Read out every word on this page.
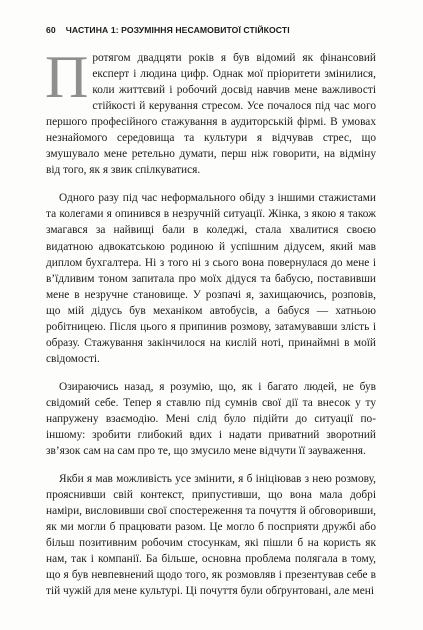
60 ЧАСТИНА 1: РОЗУМІННЯ НЕСАМОВИТОЇ СТІЙКОСТІ

Протягом двадцяти років я був відомий як фінансовий експерт і людина цифр. Однак мої пріоритети змінилися, коли життєвий і робочий досвід навчив мене важливості стійкості й керування стресом. Усе почалося під час мого першого професійного стажування в аудиторській фірмі. В умовах незнайомого середовища та культури я відчував стрес, що змушувало мене ретельно думати, перш ніж говорити, на відміну від того, як я звик спілкуватися.

Одного разу під час неформального обіду з іншими стажистами та колегами я опинився в незручній ситуації. Жінка, з якою я також змагався за найвищі бали в коледжі, стала хвалитися своєю видатною адвокатською родиною й успішним дідусем, який мав диплом бухгалтера. Ні з того ні з сього вона повернулася до мене і в’їдливим тоном запитала про моїх дідуся та бабусю, поставивши мене в незручне становище. У розпачі я, захищаючись, розповів, що мій дідусь був механіком автобусів, а бабуся — хатньою робітницею. Після цього я припинив розмову, затамувавши злість і образу. Стажування закінчилося на кислій ноті, принаймні в моїй свідомості.

Озираючись назад, я розумію, що, як і багато людей, не був свідомий себе. Тепер я ставлю під сумнів свої дії та внесок у ту напружену взаємодію. Мені слід було підійти до ситуації по-іншому: зробити глибокий вдих і надати приватний зворотний зв’язок сам на сам про те, що змусило мене відчути її зауваження.

Якби я мав можливість усе змінити, я б ініціював з нею розмову, прояснивши свій контекст, припустивши, що вона мала добрі наміри, висловивши свої спостереження та почуття й обговоривши, як ми могли б працювати разом. Це могло б посприяти дружбі або більш позитивним робочим стосункам, які пішли б на користь як нам, так і компанії. Ба більше, основна проблема полягала в тому, що я був невпевнений щодо того, як розмовляв і презентував себе в тій чужій для мене культурі. Ці почуття були обґрунтовані, але мені
